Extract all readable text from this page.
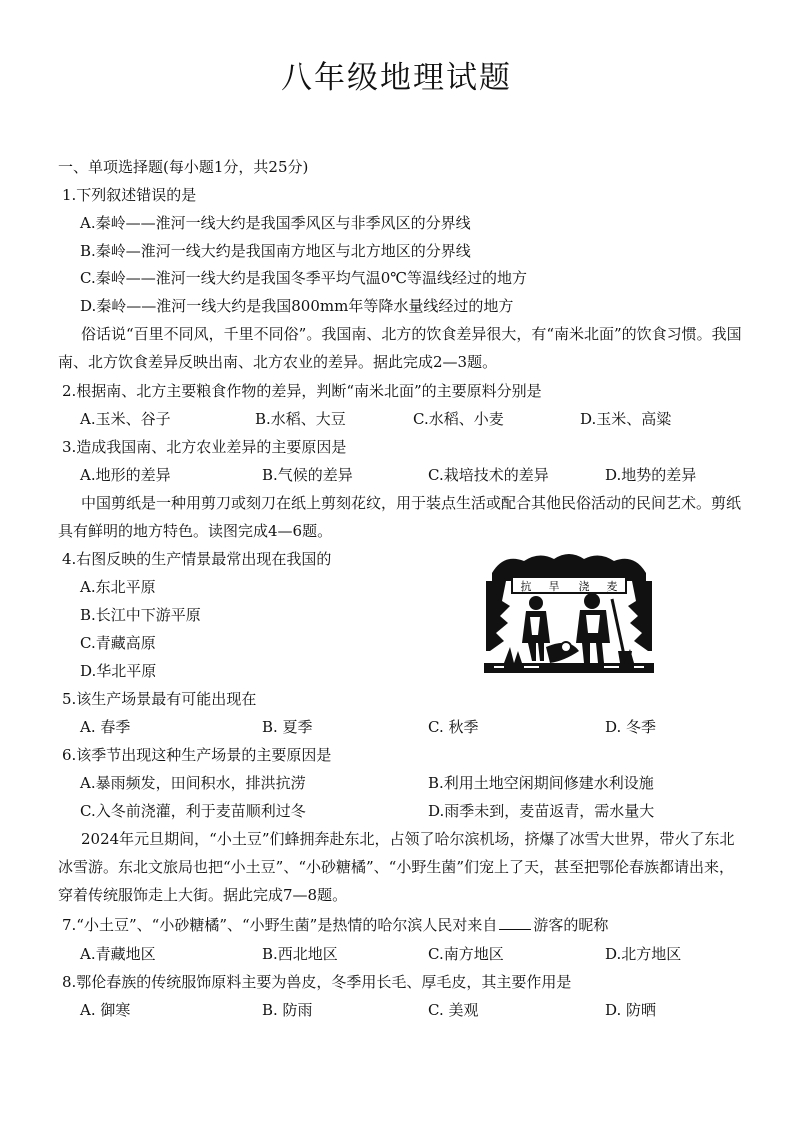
八年级地理试题
一、单项选择题(每小题1分，共25分)
1.下列叙述错误的是
A.秦岭——淮河一线大约是我国季风区与非季风区的分界线
B.秦岭—淮河一线大约是我国南方地区与北方地区的分界线
C.秦岭——淮河一线大约是我国冬季平均气温0℃等温线经过的地方
D.秦岭——淮河一线大约是我国800mm年等降水量线经过的地方
俗话说“百里不同风，千里不同俗”。我国南、北方的饮食差异很大，有“南米北面”的饮食习惯。我国南、北方饮食差异反映出南、北方农业的差异。据此完成2—3题。
2.根据南、北方主要粮食作物的差异，判断“南米北面”的主要原料分别是
A.玉米、谷子	B.水稻、大豆	C.水稻、小麦	D.玉米、高粱
3.造成我国南、北方农业差异的主要原因是
A.地形的差异	B.气候的差异	C.栽培技术的差异	D.地势的差异
中国剪纸是一种用剪刀或刻刀在纸上剪刻花纹，用于装点生活或配合其他民俗活动的民间艺术。剪纸具有鲜明的地方特色。读图完成4—6题。
4.右图反映的生产情景最常出现在我国的
A.东北平原
B.长江中下游平原
C.青藏高原
D.华北平原
抗 旱 浇 麦
5.该生产场景最有可能出现在
A. 春季	B. 夏季	C. 秋季	D. 冬季
6.该季节出现这种生产场景的主要原因是
A.暴雨频发，田间积水，排洪抗涝	B.利用土地空闲期间修建水利设施
C.入冬前浇灌，利于麦苗顺利过冬	D.雨季未到，麦苗返青，需水量大
2024年元旦期间，“小土豆”们蜂拥奔赴东北，占领了哈尔滨机场，挤爆了冰雪大世界，带火了东北冰雪游。东北文旅局也把“小土豆”、“小砂糖橘”、“小野生菌”们宠上了天，甚至把鄂伦春族都请出来，穿着传统服饰走上大街。据此完成7—8题。
7.“小土豆”、“小砂糖橘”、“小野生菌”是热情的哈尔滨人民对来自 游客的昵称
A.青藏地区	B.西北地区	C.南方地区	D.北方地区
8.鄂伦春族的传统服饰原料主要为兽皮，冬季用长毛、厚毛皮，其主要作用是
A. 御寒	B. 防雨	C. 美观	D. 防晒
